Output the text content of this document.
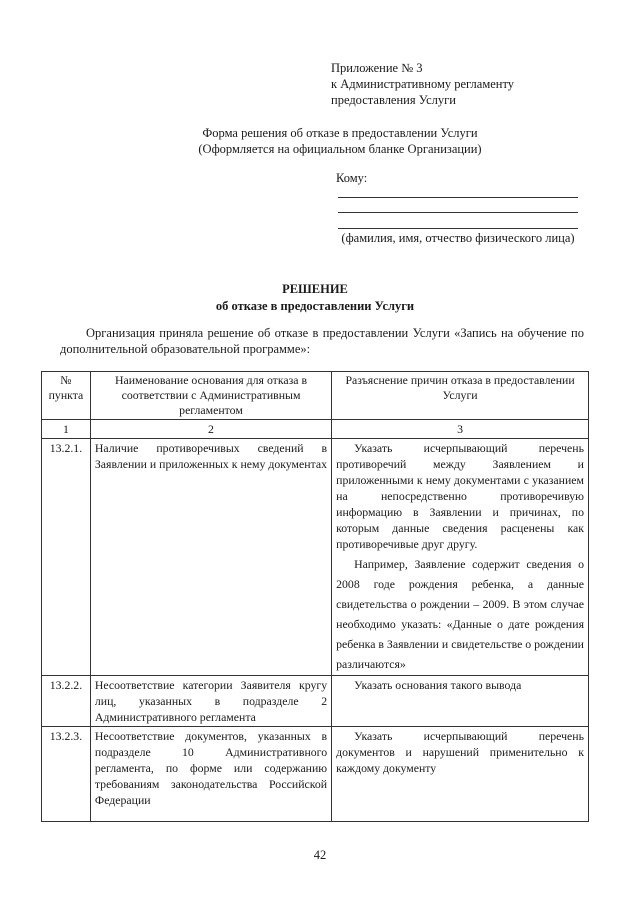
Приложение № 3
к Административному регламенту
предоставления Услуги
Форма решения об отказе в предоставлении Услуги
(Оформляется на официальном бланке Организации)
Кому:
(фамилия, имя, отчество физического лица)
РЕШЕНИЕ
об отказе в предоставлении Услуги
Организация приняла решение об отказе в предоставлении Услуги «Запись на обучение по дополнительной образовательной программе»:
№ пункта	Наименование основания для отказа в соответствии с Административным регламентом	Разъяснение причин отказа в предоставлении Услуги
1	2	3
13.2.1.	Наличие противоречивых сведений в Заявлении и приложенных к нему документах	Указать исчерпывающий перечень противоречий между Заявлением и приложенными к нему документами с указанием на непосредственно противоречивую информацию в Заявлении и причинах, по которым данные сведения расценены как противоречивые друг другу.
Например, Заявление содержит сведения о 2008 годе рождения ребенка, а данные свидетельства о рождении – 2009. В этом случае необходимо указать: «Данные о дате рождения ребенка в Заявлении и свидетельстве о рождении различаются»

13.2.2.	Несоответствие категории Заявителя кругу лиц, указанных в подразделе 2 Административного регламента	Указать основания такого вывода
13.2.3.	Несоответствие документов, указанных в подразделе 10 Административного регламента, по форме или содержанию требованиям законодательства Российской Федерации	Указать исчерпывающий перечень документов и нарушений применительно к каждому документу
42
